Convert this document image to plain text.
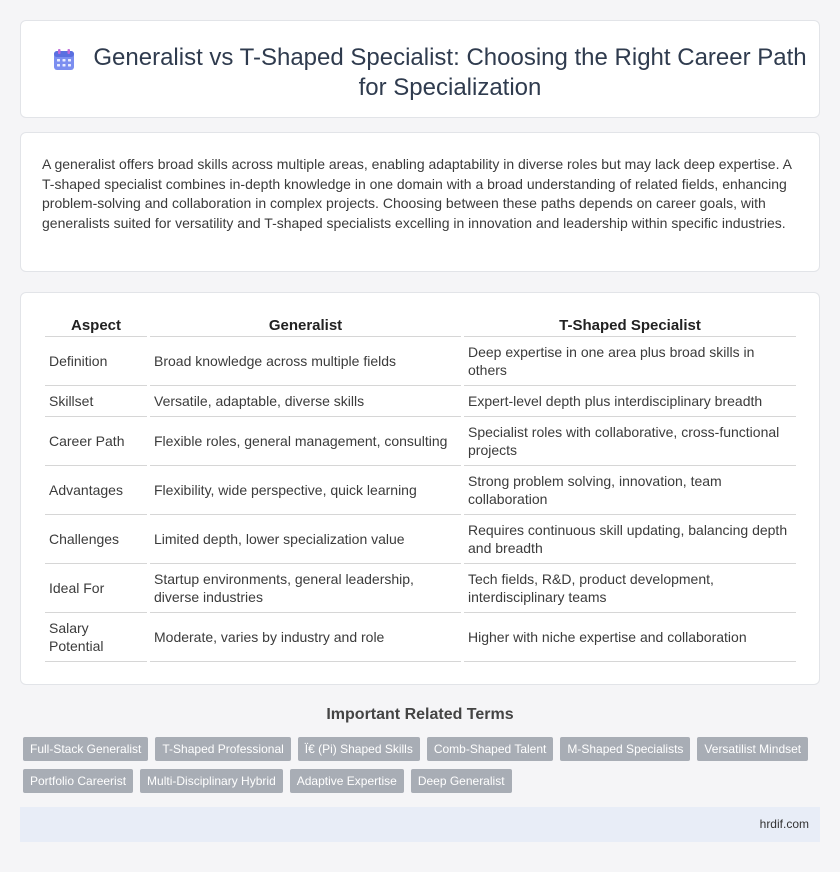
Generalist vs T-Shaped Specialist: Choosing the Right Career Path for Specialization

A generalist offers broad skills across multiple areas, enabling adaptability in diverse roles but may lack deep expertise. A T-shaped specialist combines in-depth knowledge in one domain with a broad understanding of related fields, enhancing problem-solving and collaboration in complex projects. Choosing between these paths depends on career goals, with generalists suited for versatility and T-shaped specialists excelling in innovation and leadership within specific industries.

Aspect	Generalist	T-Shaped Specialist
Definition	Broad knowledge across multiple fields	Deep expertise in one area plus broad skills in others
Skillset	Versatile, adaptable, diverse skills	Expert-level depth plus interdisciplinary breadth
Career Path	Flexible roles, general management, consulting	Specialist roles with collaborative, cross-functional projects
Advantages	Flexibility, wide perspective, quick learning	Strong problem solving, innovation, team collaboration
Challenges	Limited depth, lower specialization value	Requires continuous skill updating, balancing depth and breadth
Ideal For	Startup environments, general leadership, diverse industries	Tech fields, R&D, product development, interdisciplinary teams
Salary Potential	Moderate, varies by industry and role	Higher with niche expertise and collaboration
Important Related Terms
Full-Stack Generalist	T-Shaped Professional	Ï€ (Pi) Shaped Skills	Comb-Shaped Talent	M-Shaped Specialists	Versatilist Mindset
Portfolio Careerist	Multi-Disciplinary Hybrid	Adaptive Expertise	Deep Generalist
hrdif.com
